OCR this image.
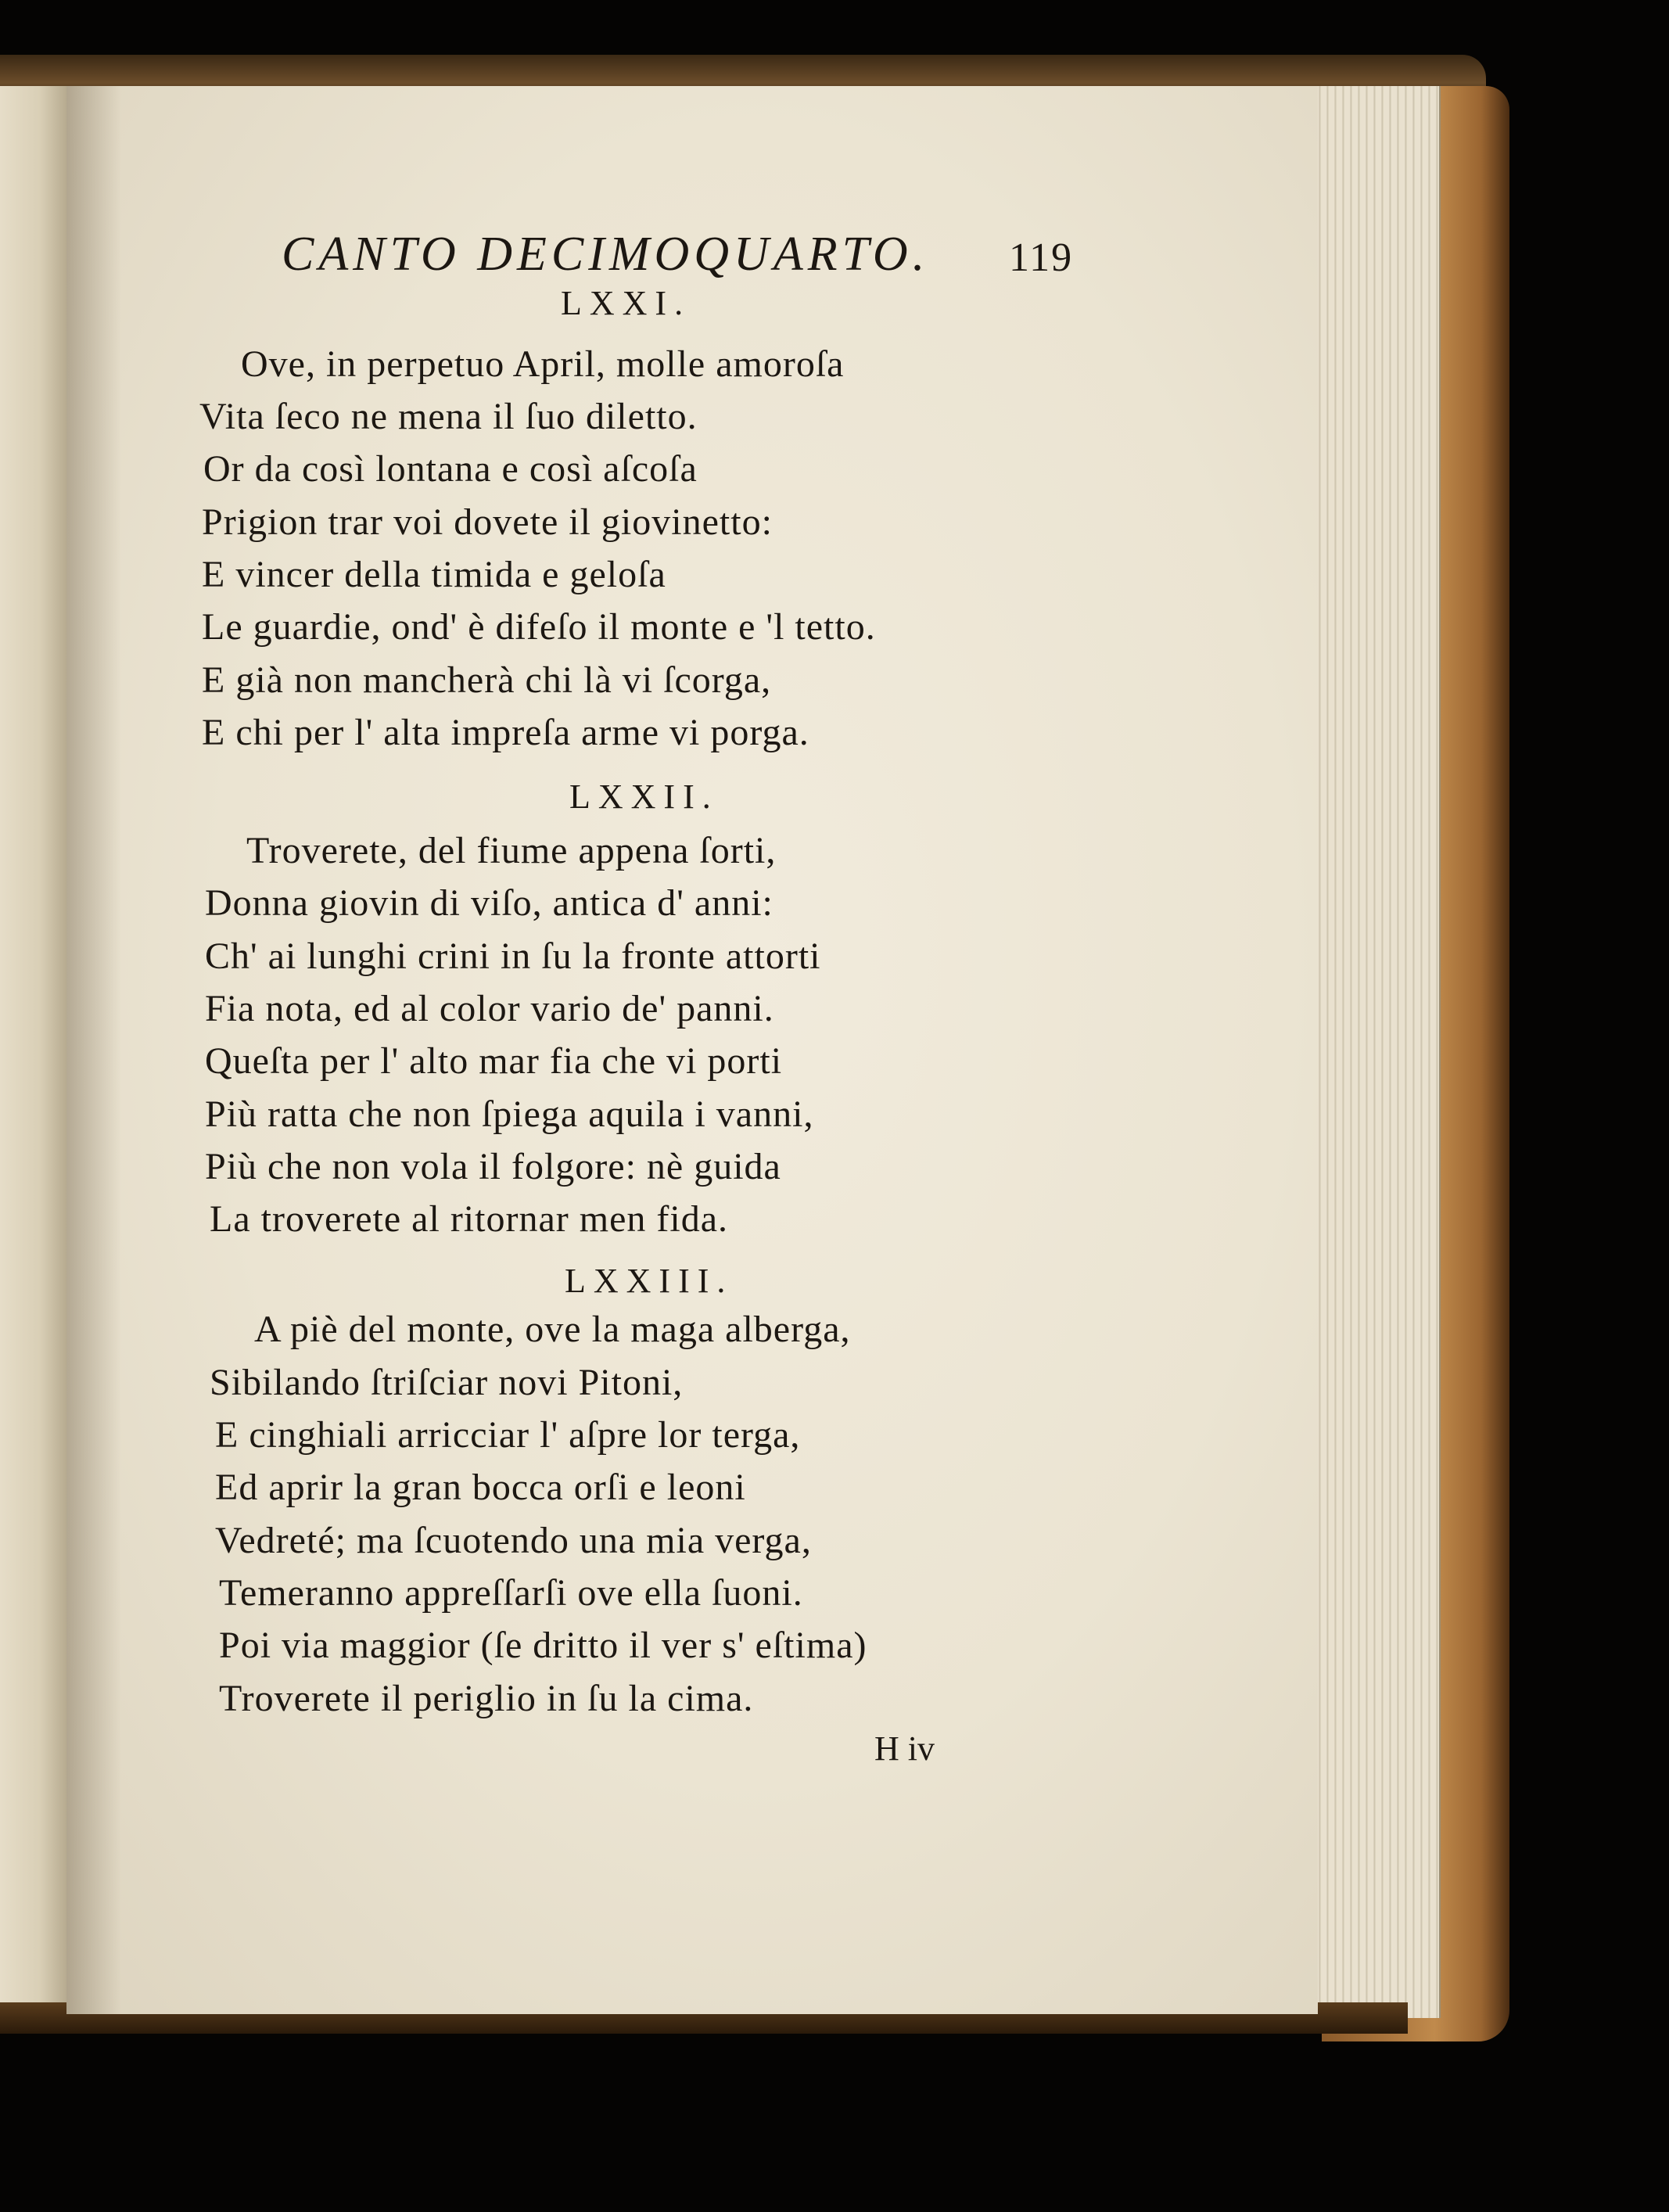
CANTO DECIMOQUARTO. 119
LXXI.
Ove, in perpetuo April, molle amoroſa
Vita ſeco ne mena il ſuo diletto.
Or da così lontana e così aſcoſa
Prigion trar voi dovete il giovinetto:
E vincer della timida e geloſa
Le guardie, ond' è difeſo il monte e 'l tetto.
E già non mancherà chi là vi ſcorga,
E chi per l' alta impreſa arme vi porga.
LXXII.
Troverete, del fiume appena ſorti,
Donna giovin di viſo, antica d' anni:
Ch' ai lunghi crini in ſu la fronte attorti
Fia nota, ed al color vario de' panni.
Queſta per l' alto mar fia che vi porti
Più ratta che non ſpiega aquila i vanni,
Più che non vola il folgore: nè guida
La troverete al ritornar men fida.
LXXIII.
A piè del monte, ove la maga alberga,
Sibilando ſtriſciar novi Pitoni,
E cinghiali arricciar l' aſpre lor terga,
Ed aprir la gran bocca orſi e leoni
Vedreté; ma ſcuotendo una mia verga,
Temeranno appreſſarſi ove ella ſuoni.
Poi via maggior (ſe dritto il ver s' eſtima)
Troverete il periglio in ſu la cima.
H iv
